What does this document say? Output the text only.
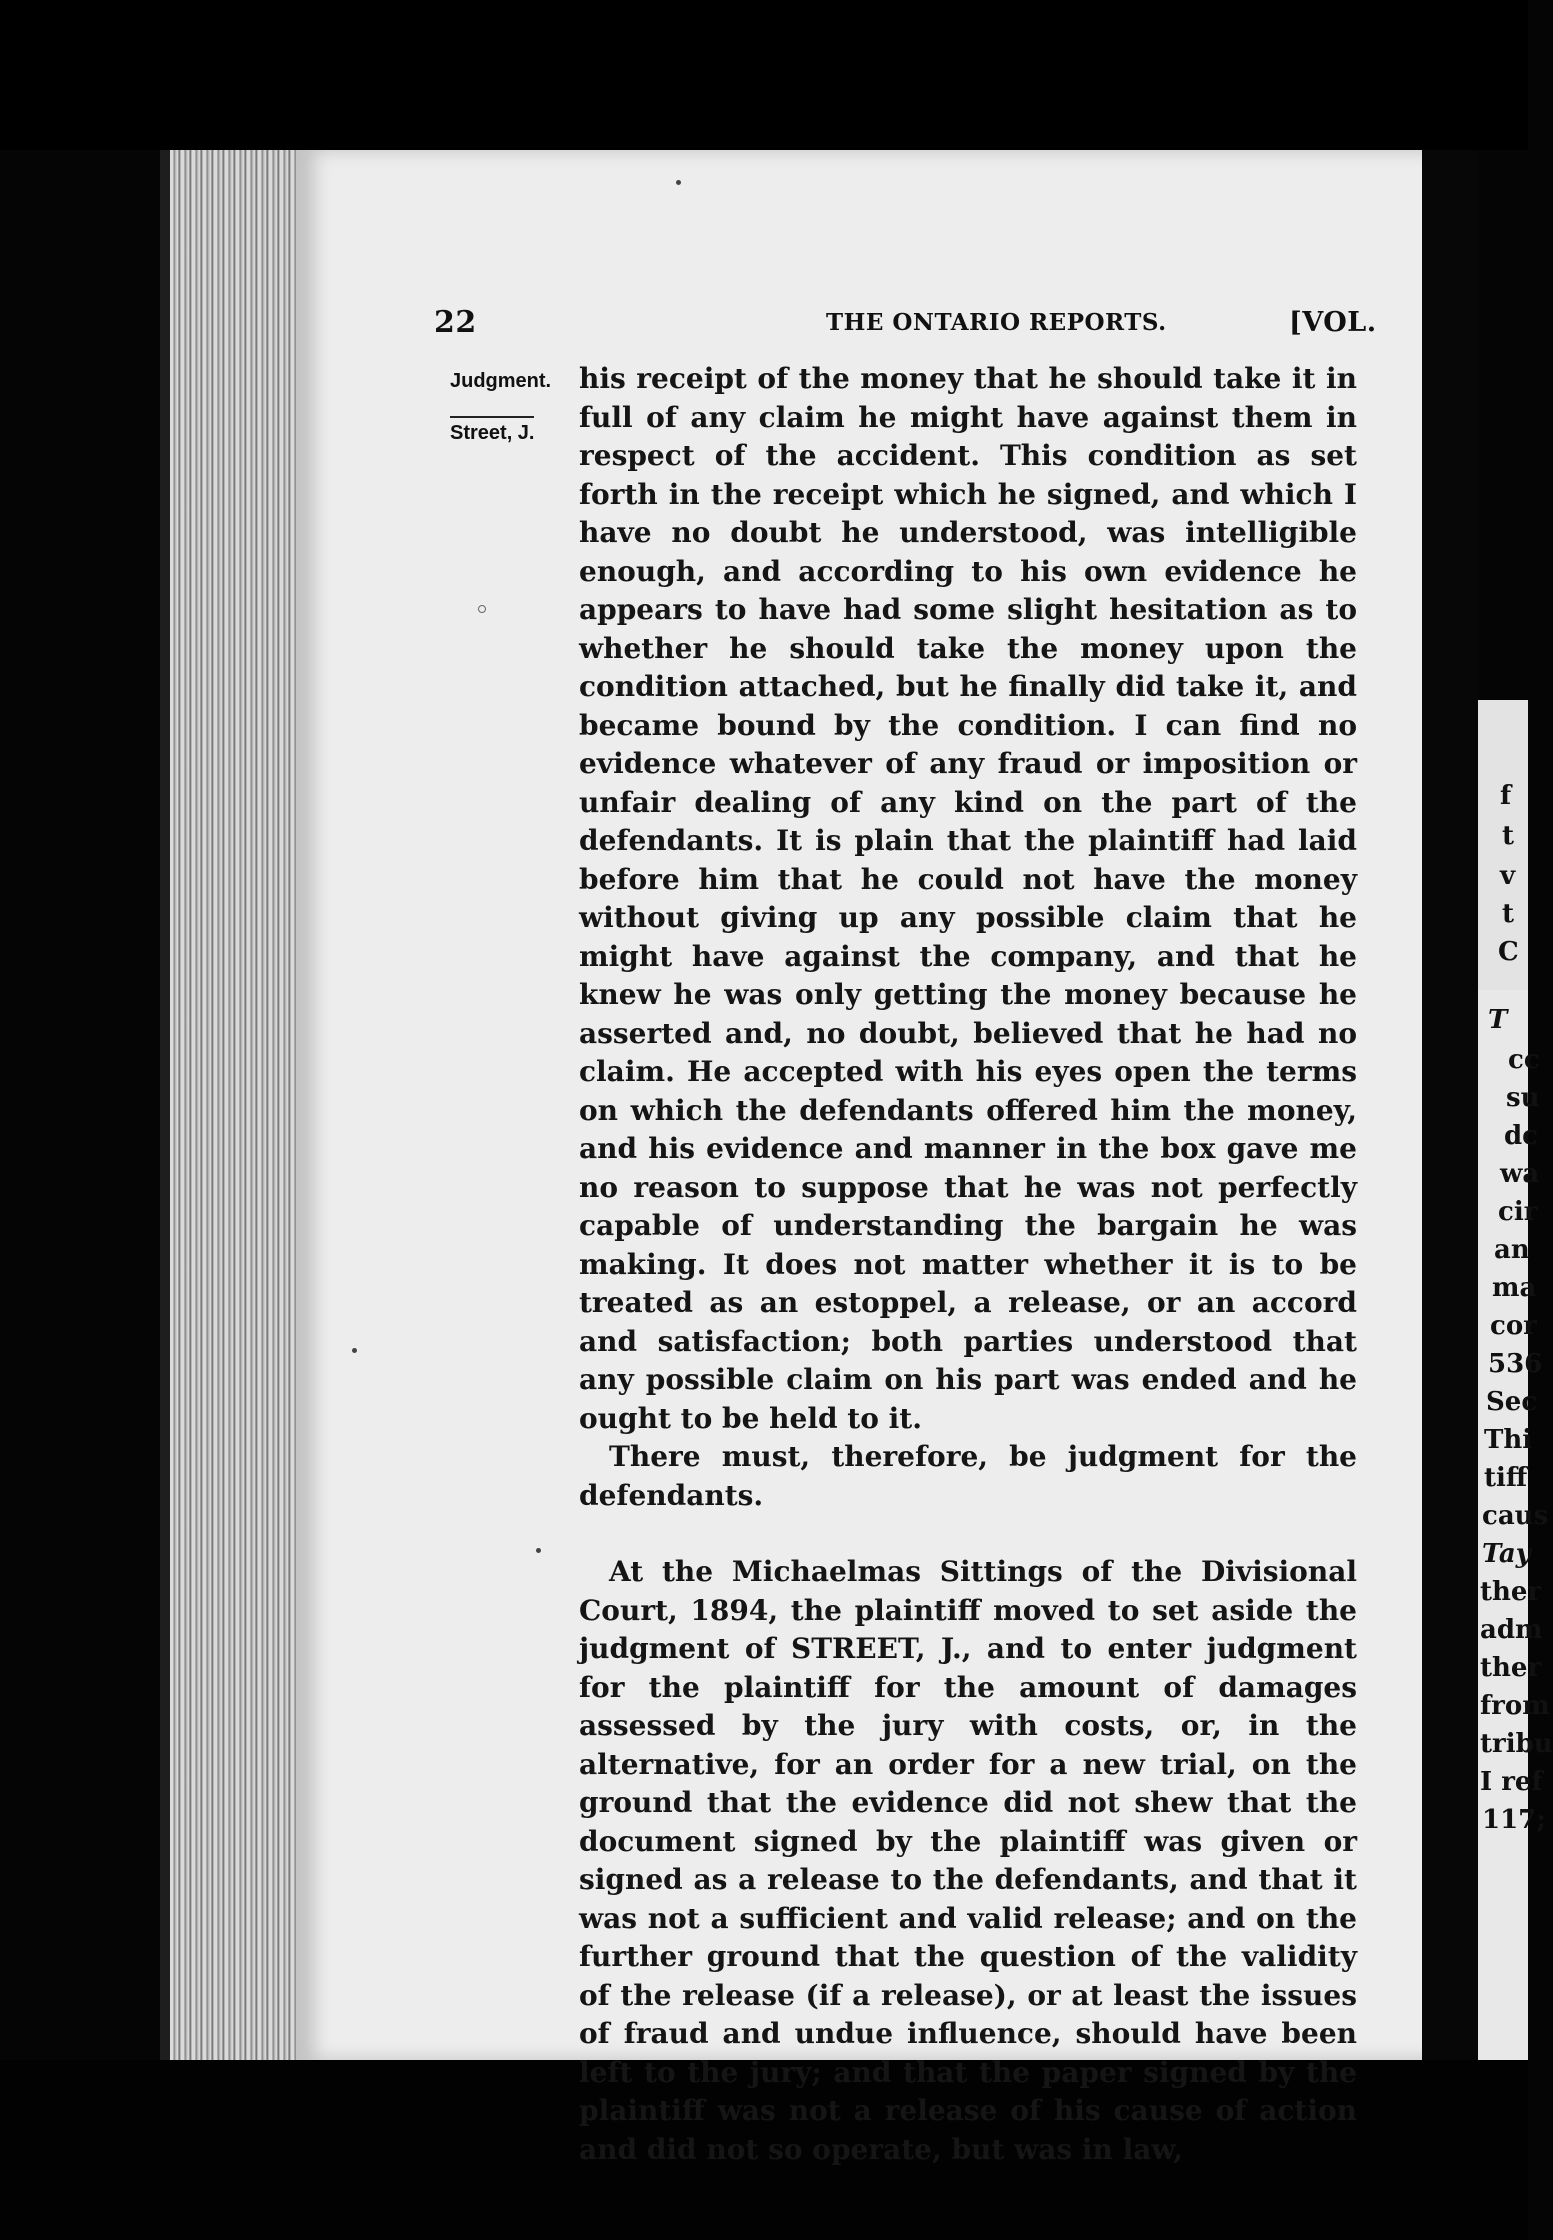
f
t
v
t
C
T
cc
su
dc
wa
cir
an
ma
cor
536
Sec
Thi
tiff
caus
Tay
ther
adm
ther
from
tribu
I ref
117;
22	THE ONTARIO REPORTS.	[VOL.
Judgment.
Street, J.

his receipt of the money that he should take it in full of any claim he might have against them in respect of the accident. This condition as set forth in the receipt which he signed, and which I have no doubt he understood, was intelligible enough, and according to his own evidence he appears to have had some slight hesitation as to whether he should take the money upon the condition attached, but he finally did take it, and became bound by the condition. I can find no evidence whatever of any fraud or imposition or unfair dealing of any kind on the part of the defendants. It is plain that the plaintiff had laid before him that he could not have the money without giving up any possible claim that he might have against the company, and that he knew he was only getting the money because he asserted and, no doubt, believed that he had no claim. He accepted with his eyes open the terms on which the defendants offered him the money, and his evidence and manner in the box gave me no reason to suppose that he was not perfectly capable of understanding the bargain he was making. It does not matter whether it is to be treated as an estoppel, a release, or an accord and satisfaction; both parties understood that any possible claim on his part was ended and he ought to be held to it.

There must, therefore, be judgment for the defendants.

At the Michaelmas Sittings of the Divisional Court, 1894, the plaintiff moved to set aside the judgment of STREET, J., and to enter judgment for the plaintiff for the amount of damages assessed by the jury with costs, or, in the alternative, for an order for a new trial, on the ground that the evidence did not shew that the document signed by the plaintiff was given or signed as a release to the defendants, and that it was not a sufficient and valid release; and on the further ground that the question of the validity of the release (if a release), or at least the issues of fraud and undue influence, should have been left to the jury; and that the paper signed by the plaintiff was not a release of his cause of action and did not so operate, but was in law,
